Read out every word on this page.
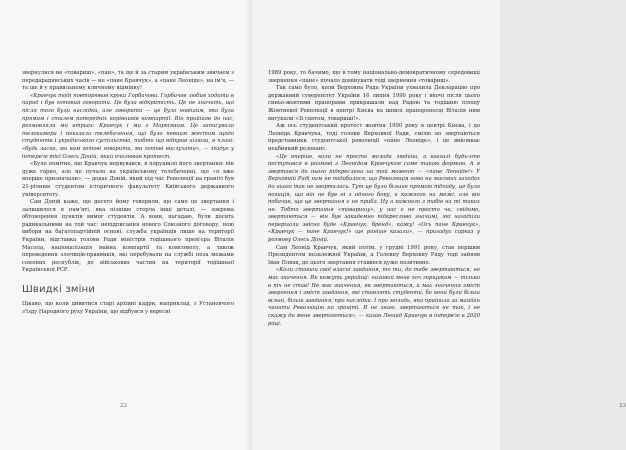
звернулися не «товариш», «пан», та ще й за старим українським звичаєм з передарадянських часів — не «пане Кравчук», а «пане Леоніде», на ім'я, — та ще й у правильному кличному відмінку!

«Кравчук тоді повторював кроки Горбачова. Горбачов любив ходити в народ і був готовий говорити. Це була відкритість. Це не значить, що після того були наслідки, але говорити — це було новішим, яка була прямим і стилем попередніх керівників компартії. Він прийшов до нас, розмовляли ми втрьох: Кравчук і ми з Маркіяном. Це записувала телекамера і показала телебачення, що було певним жестом щодо студентів і українського суспільства, тобто що відкрив шлюзи, в плані: «будь ласка, ми вам готові говорити, ми готові вислухати», — згадує у інтерв'ю тієї Олесь Доній, який очолював протест.

«Було помітно, що Кравчук нервувався, в порушило його звертання: він дуже гарно, але не пучало на українському телебаченні, що «я вже вперше призначали», — додає Доній, який під час Революції на граніті був 21-річним студентом історичного факультету Київського державного університету.

Сам Доній каже, що досхто йому говорили, що саме це звертання і залишилося в пам'яті, яка пізніше стерла інші деталі, — зокрема обговорення пунктів вимог студентів. А вони, нагадаю, були досить радикальними на той час: непідписання нового Союзного договору, нові вибори на багатопартійній основі, служба українців лише на території України, відставка голови Ради міністрів тодішнього прем'єра Віталія Масола, націоналізація майна компартії та комсомолу, а також переведення злочиців-правників, які перебували на службі поза межами союзних республік, до військових частин на території тодішньої Української РСР.

Швидкі зміни

Цікаво, що коли дивитися старі архівні кадри, наприклад, з Установчого з'їзду Народного руху України, що відбувся у вересні

22	23

1989 року, то бачимо, що в тому національно-демократичному середовищі звернення «пане» почало домінувати тоді звернення «товариш».

Так само було, коли Верховна Рада України ухвалила Декларацію про державний суверенітет України 16 липня 1990 року і вночі після цього синьо-жовтими прапорами прикрашали над Радою та тодішню площу Жовтневої Революції в центрі Києва на шпилі прапороносці Віталія ним вигукали «Зі святом, товариші!».

Аж ось студентський протест жовтня 1990 року в центрі Києва, і до Леоніда Кравчука, тоді голови Верховної Ради, смілю во звертаються представники студентської революції «пане Леоніде», і це викликає неабиякий резонанс.

«Це вперше, коли не просто молода людина, а взагалі будь-хто поступився в розмові з Леонідом Кравчуком саме такою формою. А я звертався до нього підкреслено на той момент — «пане Леоніде!» У Верховній Раді нам не подобалося, що Революція нова на масових заходах до нього так не звертались. Тут це було більше прямою підходу, це була позиція, що він не був ні з одного боку, а кожного на межі, але він побачив, що це звертання є не прибл. Ну а кожного з табів на ті таких не. Тобто звертання «товаришу», у нас є не просто чи, свідомо, звертаються — він був закадемно підкресливо значимі, які нагадили перерізали звісно буде «Кравчук, бренд», кажу! «Ось пане Кравчук», «Кравчук — пане Кравчук!» ще раніше казали», — пригадує сарказ у розмову Олесь Доній.

Сам Леонід Кравчук, який потім, у грудні 1991 року, став першим Президентом незалежної України, а Головну Верховну Раду тоді зайняв Іван Плющ, до цього звертання ставився дуже позитивно.

«Коли ставиш свої власні завдання, то ти, до тебе звертаються, не має значення. Як кожуть українці: називай мене хоч горщиком — тільки в піч не став! Не має значення, як звертаються, а має значення зміст звернення і зміст завдання, які ставлять студенти, бо вони були більш вільні, більш завдання, про наслідки. І про молодь, яка прийшла за майдан чинити Революцію на граніті. Я не знаю, звертаються не так, і не скажу до мене звертаються», — казав Леонід Кравчук в інтерв'ю в 2020 році.
